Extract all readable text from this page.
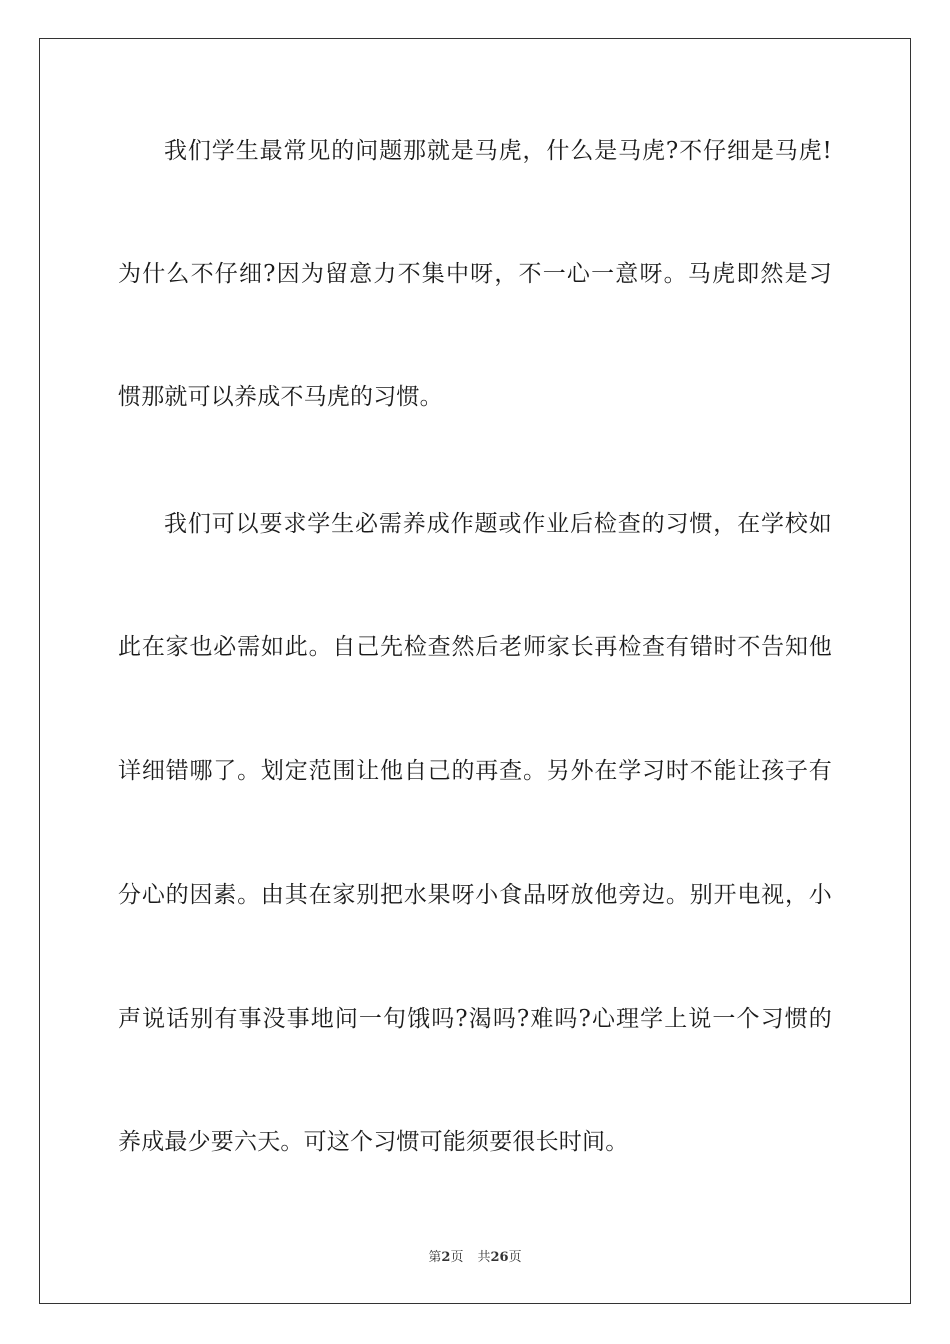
我们学生最常见的问题那就是马虎，什么是马虎?不仔细是马虎!
为什么不仔细?因为留意力不集中呀，不一心一意呀。马虎即然是习
惯那就可以养成不马虎的习惯。
我们可以要求学生必需养成作题或作业后检查的习惯，在学校如
此在家也必需如此。自己先检查然后老师家长再检查有错时不告知他
详细错哪了。划定范围让他自己的再查。另外在学习时不能让孩子有
分心的因素。由其在家别把水果呀小食品呀放他旁边。别开电视，小
声说话别有事没事地问一句饿吗?渴吗?难吗?心理学上说一个习惯的
养成最少要六天。可这个习惯可能须要很长时间。
第2页 共26页
